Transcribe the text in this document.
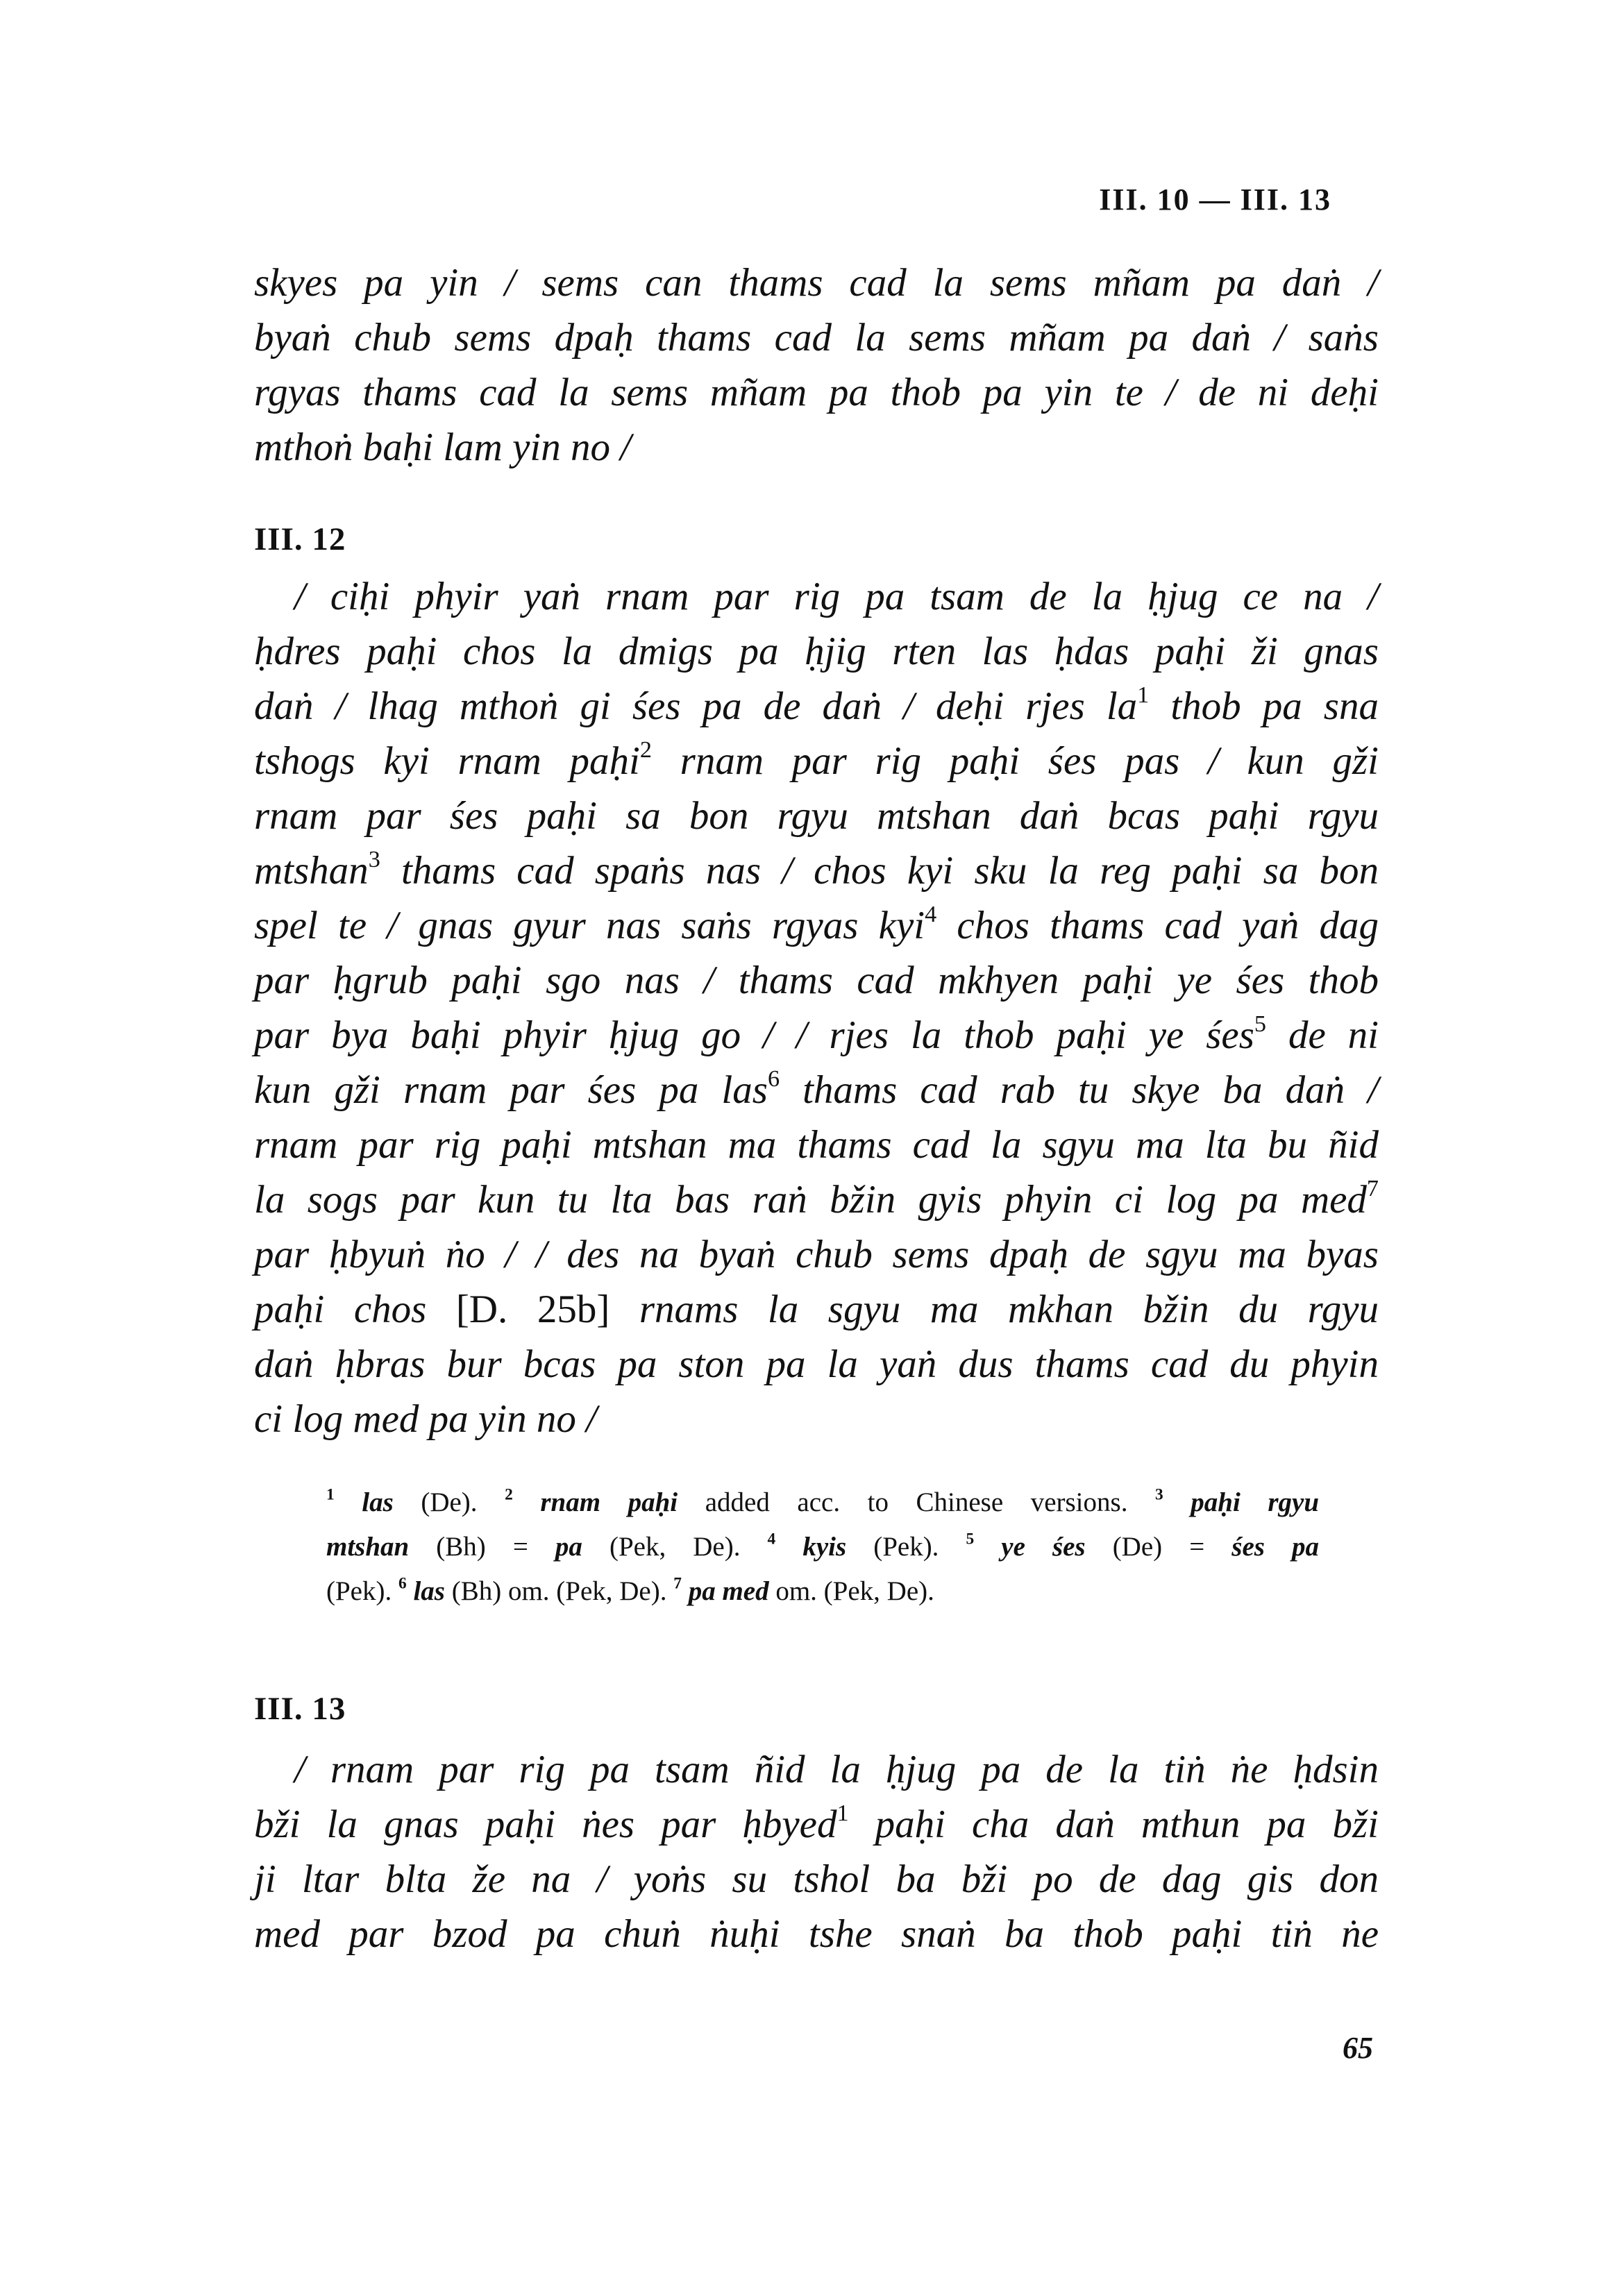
III. 10 — III. 13
skyes pa yin / sems can thams cad la sems mñam pa daṅ /
byaṅ chub sems dpaḥ thams cad la sems mñam pa daṅ / saṅs
rgyas thams cad la sems mñam pa thob pa yin te / de ni deḥi
mthoṅ baḥi lam yin no /
III. 12
/ ciḥi phyir yaṅ rnam par rig pa tsam de la ḥjug ce na /
ḥdres paḥi chos la dmigs pa ḥjig rten las ḥdas paḥi ži gnas
daṅ / lhag mthoṅ gi śes pa de daṅ / deḥi rjes $la^1$ thob pa sna
tshogs kyi rnam paḥi$^2$ rnam par rig paḥi śes pas / kun gži
rnam par śes paḥi sa bon rgyu mtshan daṅ bcas paḥi rgyu
mtshan$^3$ thams cad spaṅs nas / chos kyi sku la reg paḥi sa bon
spel te / gnas gyur nas saṅs rgyas kyi$^4$ chos thams cad yaṅ dag
par ḥgrub paḥi sgo nas / thams cad mkhyen paḥi ye śes thob
par bya baḥi phyir ḥjug go / / rjes la thob paḥi ye śes$^5$ de ni
kun gži rnam par śes pa las$^6$ thams cad rab tu skye ba daṅ /
rnam par rig paḥi mtshan ma thams cad la sgyu ma lta bu ñid
la sogs par kun tu lta bas raṅ bžin gyis phyin ci log pa med$^7$
par ḥbyuṅ ṅo / / des na byaṅ chub sems dpaḥ de sgyu ma byas
paḥi chos [D. 25b] rnams la sgyu ma mkhan bžin du rgyu
daṅ ḥbras bur bcas pa ston pa la yaṅ dus thams cad du phyin
ci log med pa yin no /
$^1$ las (De). $^2$ rnam paḥi added acc. to Chinese versions. $^3$ paḥi rgyu
mtshan (Bh) = pa (Pek, De). $^4$ kyis (Pek). $^5$ ye śes (De) = śes pa
(Pek). $^6$ las (Bh) om. (Pek, De). $^7$ pa med om. (Pek, De).
III. 13
/ rnam par rig pa tsam ñid la ḥjug pa de la tiṅ ṅe ḥdsin
bži la gnas paḥi ṅes par ḥbyed$^1$ paḥi cha daṅ mthun pa bži
ji ltar blta že na / yoṅs su tshol ba bži po de dag gis don
med par bzod pa chuṅ ṅuḥi tshe snaṅ ba thob paḥi tiṅ ṅe
65
